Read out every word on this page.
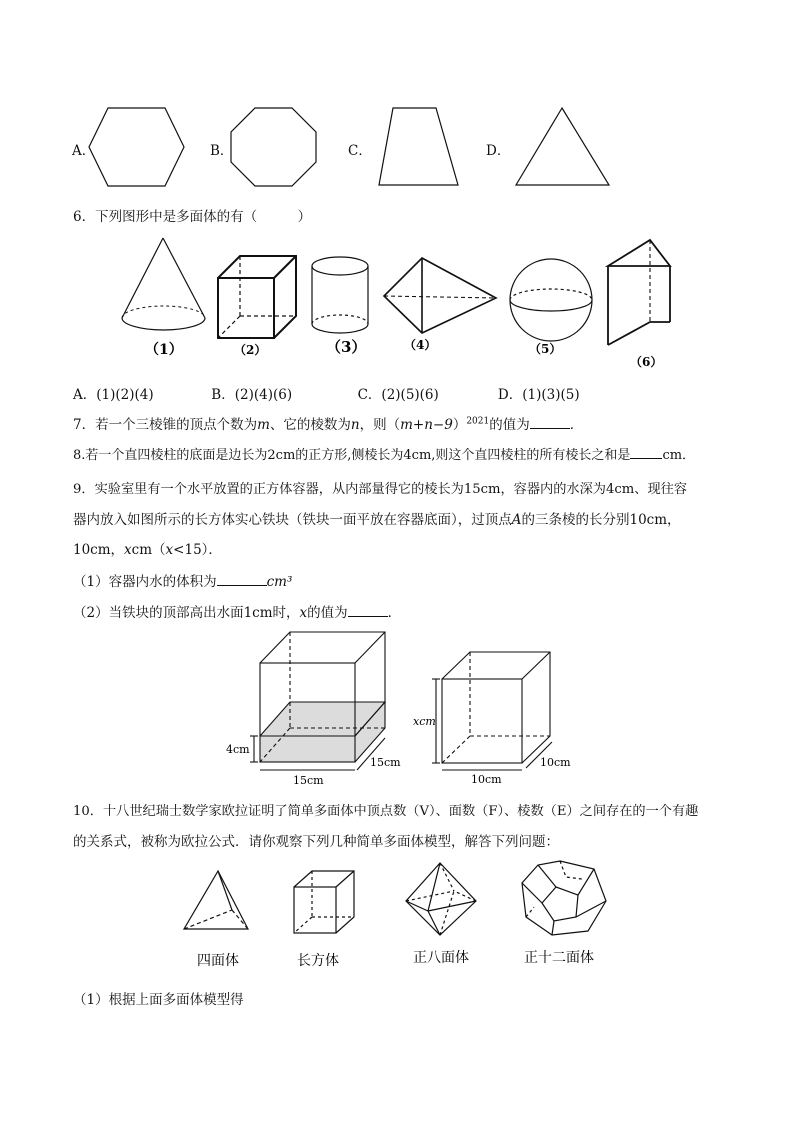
A．	B．	C．	D．
6．下列图形中是多面体的有（　　　）
（1）	（2）	（3）	（4）	（5）
（6）
A．(1)(2)(4)	B．(2)(4)(6)	C．(2)(5)(6)	D．(1)(3)(5)
7．若一个三棱锥的顶点个数为m、它的棱数为n，则$(m+n-9)^{2021}$的值为	．
8.若一个直四棱柱的底面是边长为2cm的正方形,侧棱长为4cm,则这个直四棱柱的所有棱长之和是 cm．
9．实验室里有一个水平放置的正方体容器，从内部量得它的棱长为15cm，容器内的水深为4cm、现往容
器内放入如图所示的长方体实心铁块（铁块一面平放在容器底面），过顶点A的三条棱的长分别10cm，
10cm，xcm（x<15）．
（1）容器内水的体积为	cm³
（2）当铁块的顶部高出水面1cm时，x的值为	．
4cm
15cm
15cm
xcm
10cm
10cm
10．十八世纪瑞士数学家欧拉证明了简单多面体中顶点数（V）、面数（F）、棱数（E）之间存在的一个有趣
的关系式，被称为欧拉公式．请你观察下列几种简单多面体模型，解答下列问题：
四面体	长方体	正八面体	正十二面体
（1）根据上面多面体模型得
